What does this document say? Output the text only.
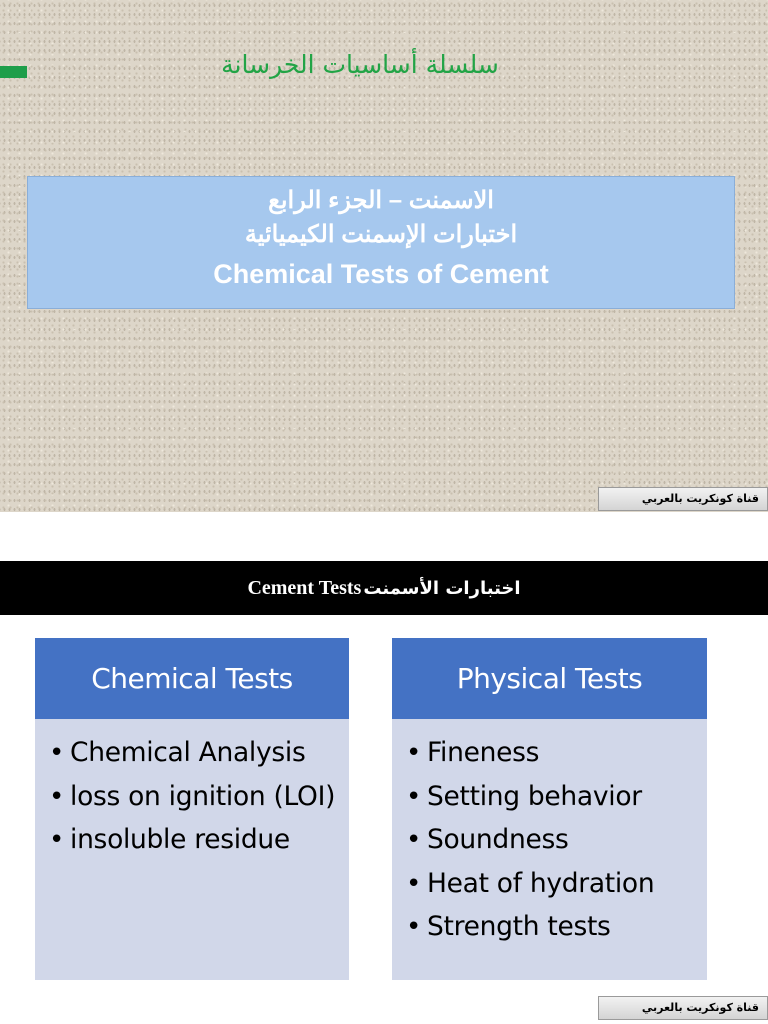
سلسلة أساسيات الخرسانة
الاسمنت – الجزء الرابع
اختبارات الإسمنت الكيميائية
Chemical Tests of Cement
قناة كونكريت بالعربي
Cement Tests اختبارات الأسمنت
Chemical Tests
• Chemical Analysis
• loss on ignition (LOI)
• insoluble residue
Physical Tests
• Fineness
• Setting behavior
• Soundness
• Heat of hydration
• Strength tests
قناة كونكريت بالعربي
